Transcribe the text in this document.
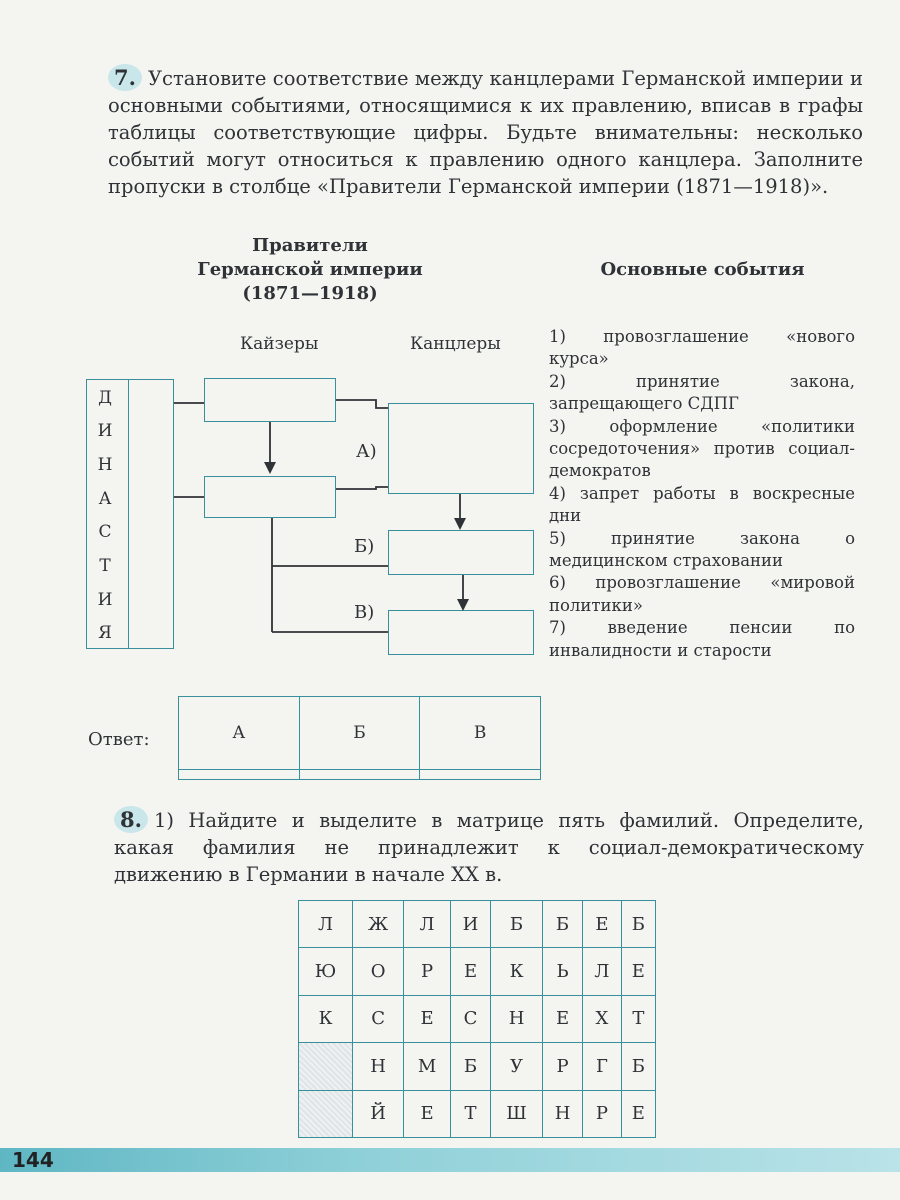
7. Установите соответствие между канцлерами Германской империи и основными событиями, относящимися к их правлению, вписав в графы таблицы соответствующие цифры. Будьте внимательны: несколько событий могут относиться к правлению одного канцлера. Заполните пропуски в столбце «Правители Германской империи (1871—1918)».
Правители
Германской империи
(1871—1918)
Основные события
Кайзеры	Канцлеры
Д
И
Н
А
С
Т
И
Я
А)
Б)
В)
1) провозглашение «нового курса»
2) принятие закона, запрещающего СДПГ
3) оформление «политики сосредоточения» против социал-демократов
4) запрет работы в воскресные дни
5) принятие закона о медицинском страховании
6) провозглашение «мировой политики»
7) введение пенсии по инвалидности и старости
Ответ:	А	Б	В

8. 1) Найдите и выделите в матрице пять фамилий. Определите, какая фамилия не принадлежит к социал-демократическому движению в Германии в начале XX в.
Л	Ж	Л	И	Б	Б	Е	Б
Ю	О	Р	Е	К	Ь	Л	Е
К	С	Е	С	Н	Е	Х	Т
	Н	М	Б	У	Р	Г	Б
	Й	Е	Т	Ш	Н	Р	Е
144
